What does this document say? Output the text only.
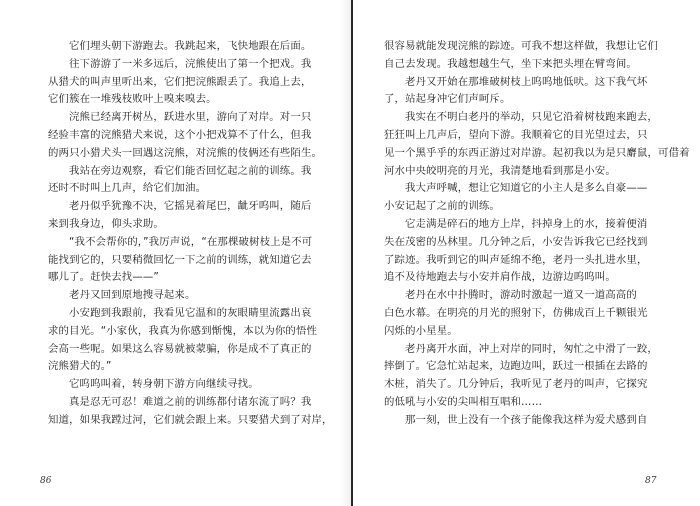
它们埋头朝下游跑去。我跳起来，飞快地跟在后面。
往下游游了一米多远后，浣熊使出了第一个把戏。我
从猎犬的叫声里听出来，它们把浣熊跟丢了。我追上去，
它们簇在一堆残枝败叶上嗅来嗅去。
浣熊已经离开树丛，跃进水里，游向了对岸。对一只
经验丰富的浣熊猎犬来说，这个小把戏算不了什么，但我
的两只小猎犬头一回遇这浣熊，对浣熊的伎俩还有些陌生。
我站在旁边观察，看它们能否回忆起之前的训练。我
还时不时叫上几声，给它们加油。
老丹似乎犹豫不决，它摇晃着尾巴，龇牙呜叫，随后
来到我身边，仰头求助。
“我不会帮你的，”我厉声说，“在那棵破树枝上是不可
能找到它的，只要稍微回忆一下之前的训练，就知道它去
哪儿了。赶快去找——”
老丹又回到原地搜寻起来。
小安跑到我跟前，我看见它温和的灰眼睛里流露出哀
求的目光。“小家伙，我真为你感到惭愧，本以为你的悟性
会高一些呢。如果这么容易就被蒙骗，你是成不了真正的
浣熊猎犬的。”
它呜呜叫着，转身朝下游方向继续寻找。
真是忍无可忍！难道之前的训练都付诸东流了吗？我
知道，如果我蹚过河，它们就会跟上来。只要猎犬到了对岸，
86
很容易就能发现浣熊的踪迹。可我不想这样做，我想让它们
自己去发现。我越想越生气，坐下来把头埋在臂弯间。
老丹又开始在那堆破树枝上呜呜地低吠。这下我气坏
了，站起身冲它们声呵斥。
我实在不明白老丹的举动，只见它沿着树枝跑来跑去，
狂狂叫上几声后，望向下游。我顺着它的目光望过去，只
见一个黑乎乎的东西正游过对岸游。起初我以为是只麝鼠，可借着
河水中央皎明亮的月光，我清楚地看到那是小安。
我大声呼喊，想让它知道它的小主人是多么自豪——
小安记起了之前的训练。
它走满是碎石的地方上岸，抖掉身上的水，接着便消
失在茂密的丛林里。几分钟之后，小安告诉我它已经找到
了踪迹。我听到它的叫声延绵不绝，老丹一头扎进水里，
追不及待地跑去与小安并肩作战，边游边呜呜叫。
老丹在水中扑腾时，游动时激起一道又一道高高的
白色水幕。在明亮的月光的照射下，仿佛成百上千颗银光
闪烁的小星星。
老丹离开水面，冲上对岸的同时，匆忙之中滑了一跤，
摔倒了。它急忙站起来，边跑边叫，跃过一根插在去路的
木桩，消失了。几分钟后，我听见了老丹的叫声，它探究
的低吼与小安的尖叫相互唱和……
那一刻，世上没有一个孩子能像我这样为爱犬感到自
87
